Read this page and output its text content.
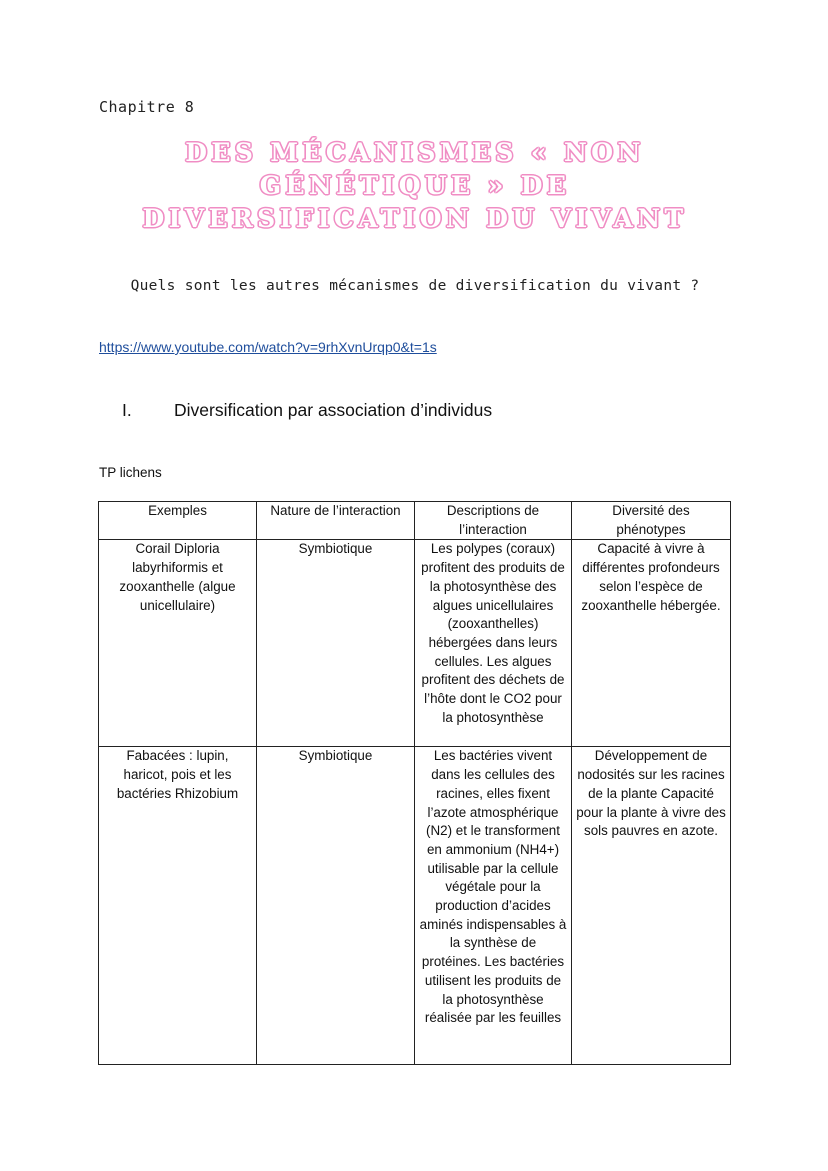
Chapitre 8
DES MÉCANISMES « NON GÉNÉTIQUE » DE DIVERSIFICATION DU VIVANT
Quels sont les autres mécanismes de diversification du vivant ?
https://www.youtube.com/watch?v=9rhXvnUrqp0&t=1s
I. Diversification par association d’individus
TP lichens
Exemples	Nature de l’interaction	Descriptions de l’interaction	Diversité des phénotypes
Corail Diploria labyrhiformis et zooxanthelle (algue unicellulaire)	Symbiotique	Les polypes (coraux) profitent des produits de la photosynthèse des algues unicellulaires (zooxanthelles) hébergées dans leurs cellules. Les algues profitent des déchets de l’hôte dont le CO2 pour la photosynthèse	Capacité à vivre à différentes profondeurs selon l’espèce de zooxanthelle hébergée.
Fabacées : lupin, haricot, pois et les bactéries Rhizobium	Symbiotique	Les bactéries vivent dans les cellules des racines, elles fixent l’azote atmosphérique (N2) et le transforment en ammonium (NH4+) utilisable par la cellule végétale pour la production d’acides aminés indispensables à la synthèse de protéines. Les bactéries utilisent les produits de la photosynthèse réalisée par les feuilles	Développement de nodosités sur les racines de la plante Capacité pour la plante à vivre des sols pauvres en azote.
